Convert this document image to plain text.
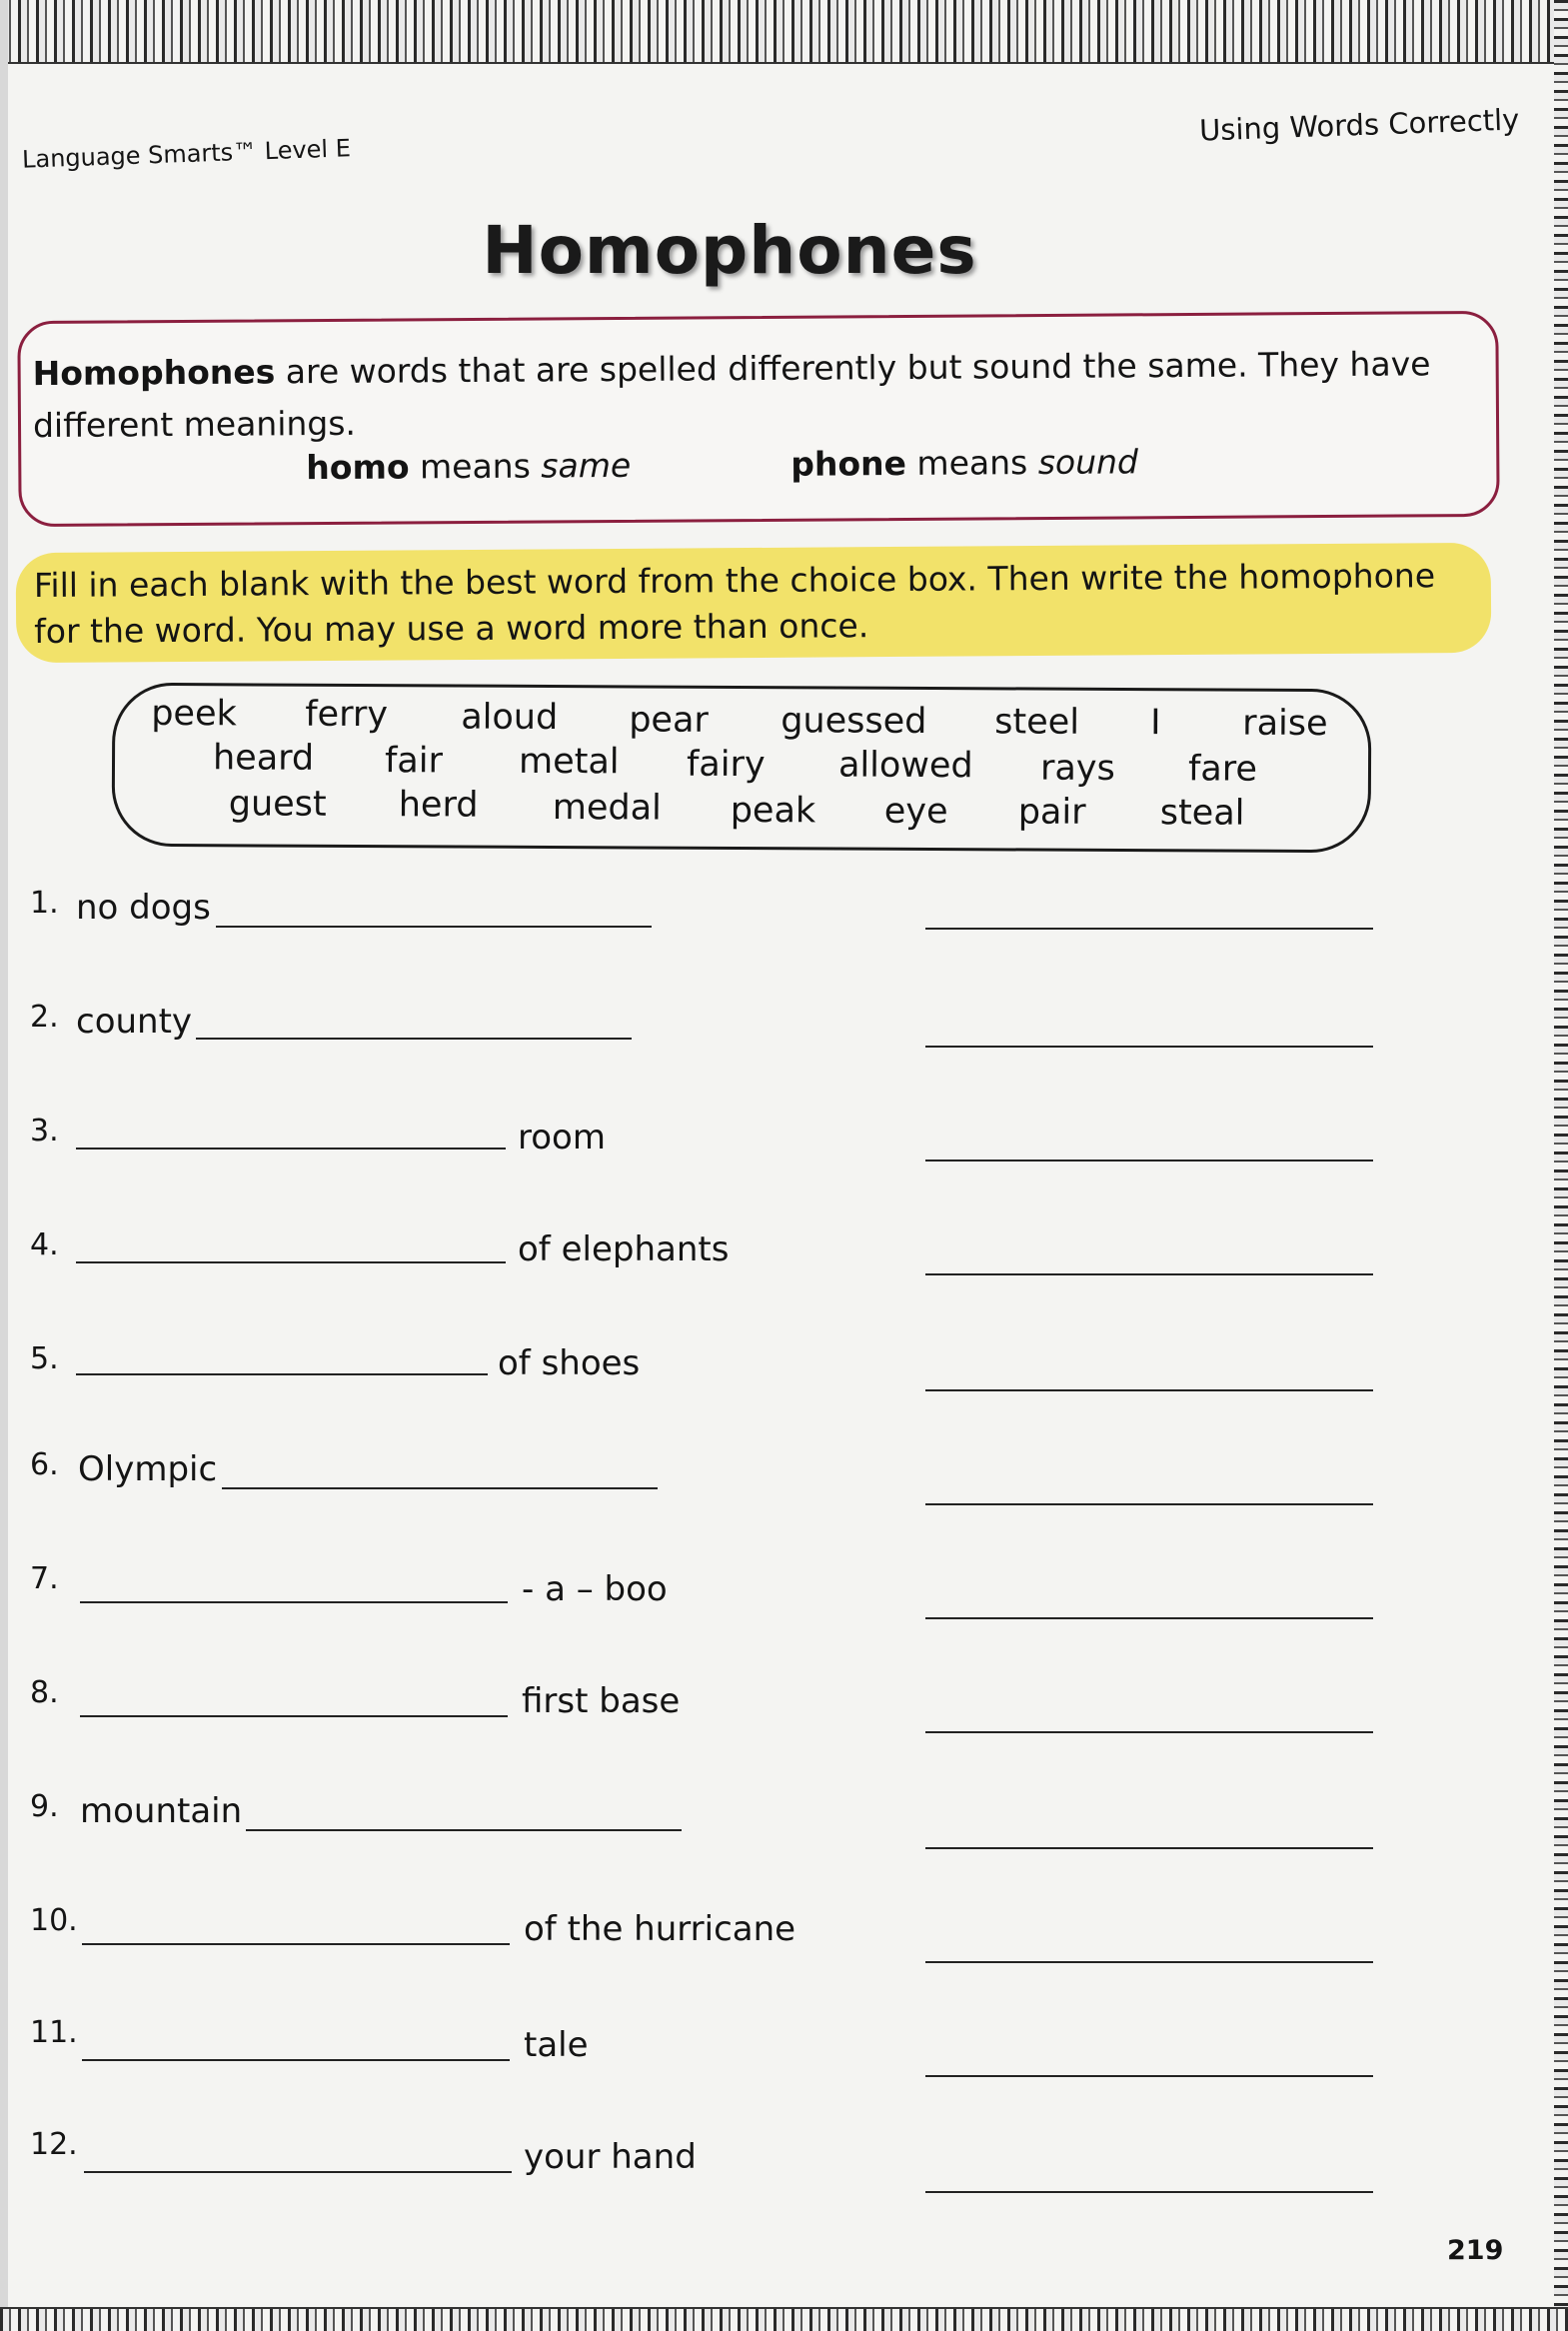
Language Smarts™ Level E
Using Words Correctly
Homophones
Homophones are words that are spelled differently but sound the same. They have different meanings.
homo means same	phone means sound
Fill in each blank with the best word from the choice box. Then write the homophone for the word. You may use a word more than once.
peek ferry aloud pear guessed steel I raise
heard fair metal fairy allowed rays fare
guest herd medal peak eye pair steal
1. no dogs
2. county
3.	room
4.	of elephants
5.	of shoes
6. Olympic
7.	- a – boo
8.	first base
9. mountain
10.	of the hurricane
11.	tale
12.	your hand
219
